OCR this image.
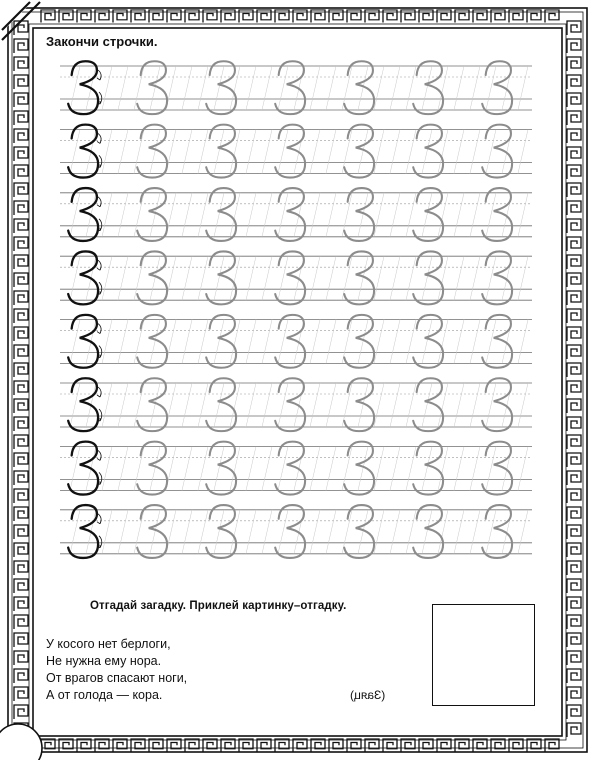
Закончи строчки.

Отгадай загадку. Приклей картинку–отгадку.

У косого нет берлоги,
Не нужна ему нора.
От врагов спасают ноги,
А от голода — кора.	(Заяц)
